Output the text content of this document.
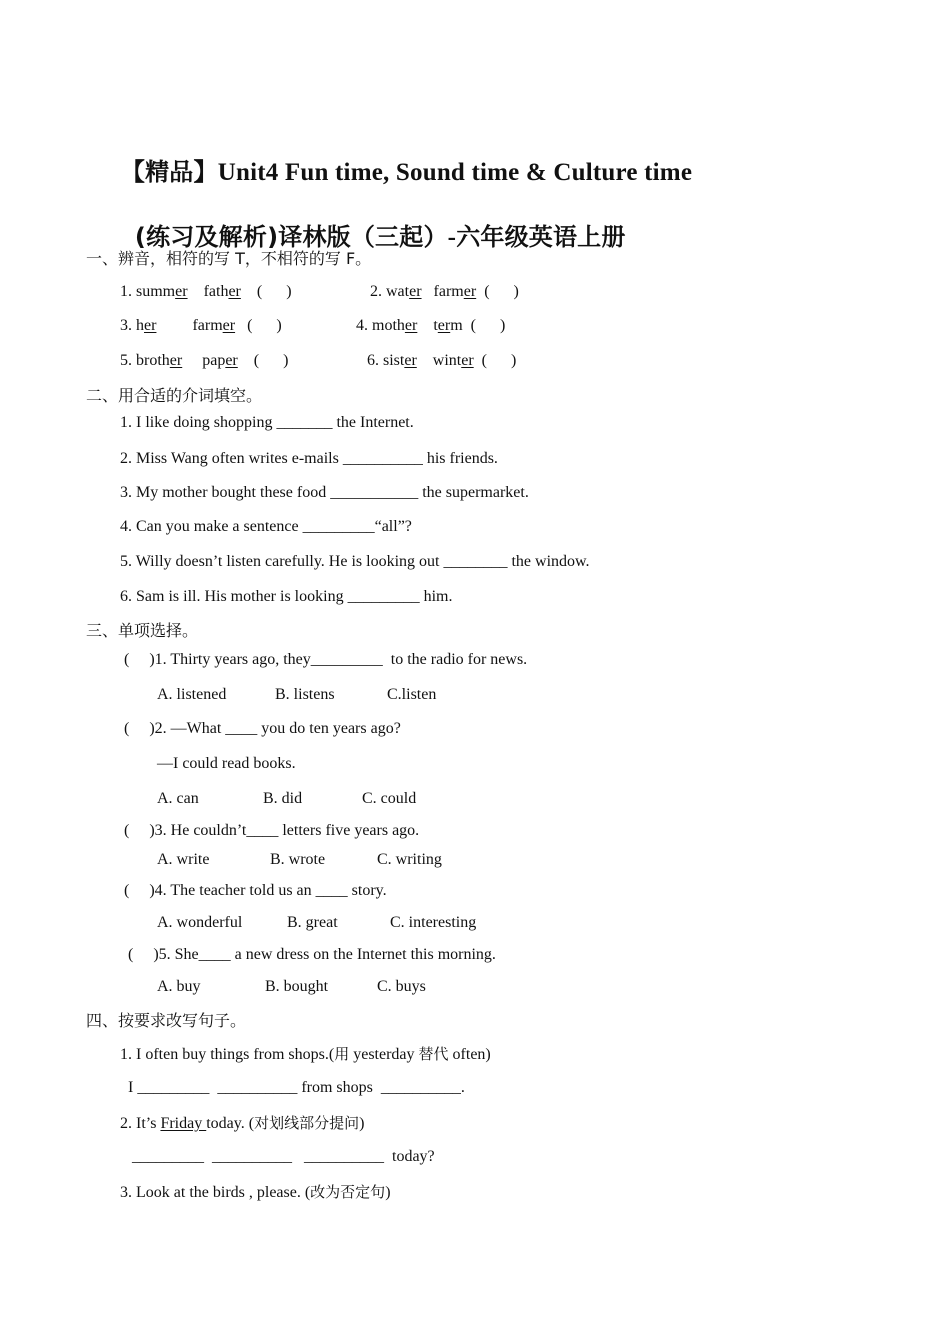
【精品】Unit4 Fun time, Sound time & Culture time

(练习及解析)译林版（三起）-六年级英语上册

一、辨音，相符的写 T，不相符的写 F。
1. summer father (      )	2. water farmer (      )
3. her farmer (      )	4. mother term (      )
5. brother paper (      )	6. sister winter (      )
二、用合适的介词填空。
1. I like doing shopping _______ the Internet.
2. Miss Wang often writes e-mails __________ his friends.
3. My mother bought these food ___________ the supermarket.
4. Can you make a sentence _________“all”?
5. Willy doesn’t listen carefully. He is looking out ________ the window.
6. Sam is ill. His mother is looking _________ him.
三、单项选择。
(     )1. Thirty years ago, they_________  to the radio for news.
A. listened	B. listens	C.listen
(     )2. —What ____ you do ten years ago?
—I could read books.
A. can	B. did	C. could
(     )3. He couldn’t____ letters five years ago.
A. write	B. wrote	C. writing
(     )4. The teacher told us an ____ story.
A. wonderful	B. great	C. interesting
(     )5. She____ a new dress on the Internet this morning.
A. buy	B. bought	C. buys
四、按要求改写句子。
1. I often buy things from shops.(用 yesterday 替代 often)
I _________  __________ from shops  __________.
2. It’s Friday today. (对划线部分提问)
_________  __________   __________  today?
3. Look at the birds , please. (改为否定句)
